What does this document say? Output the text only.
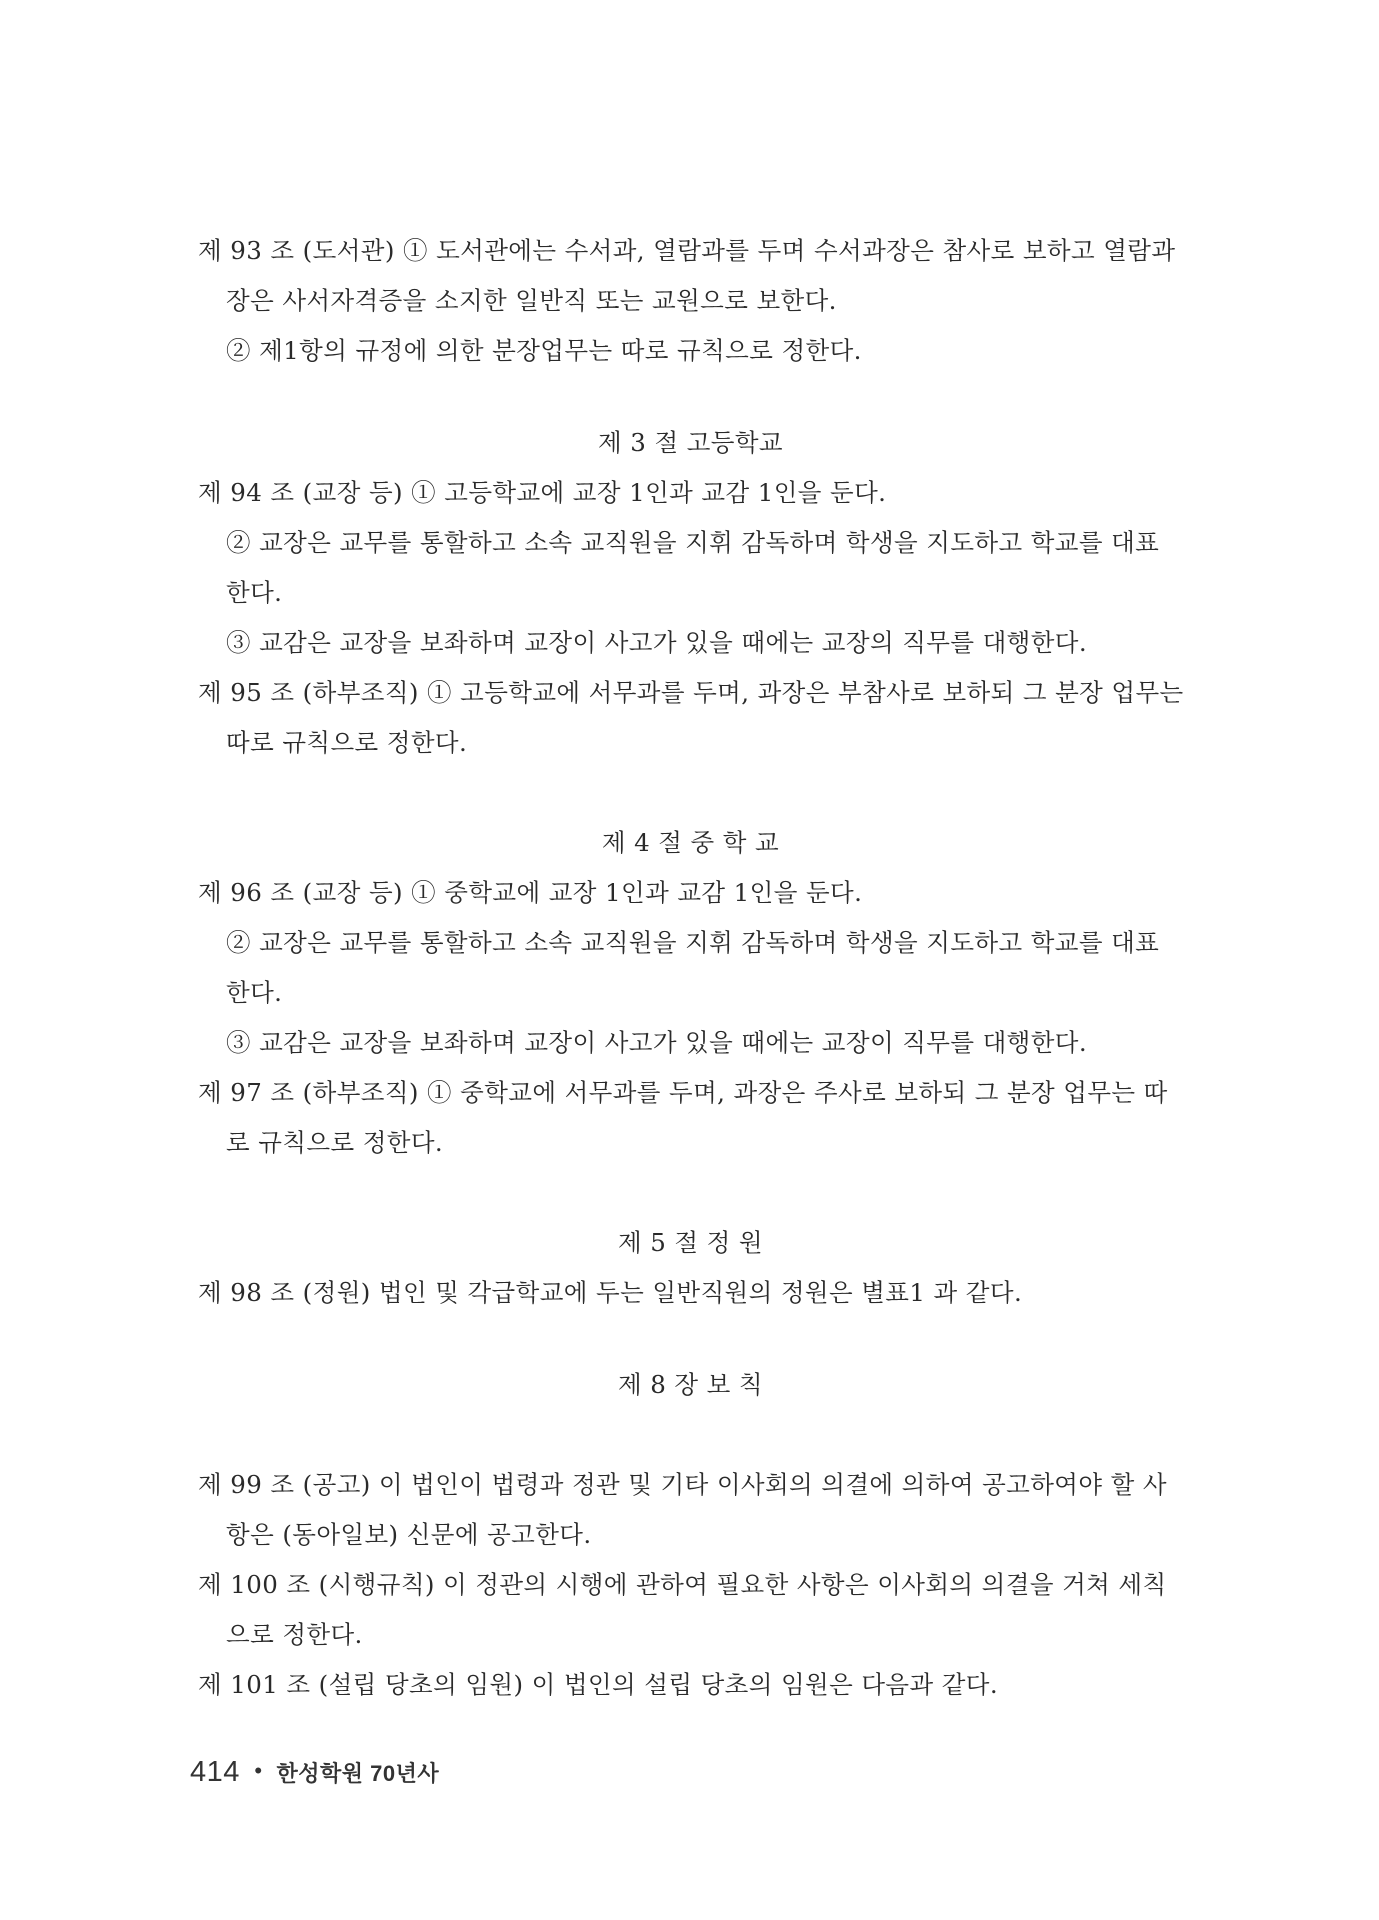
제 93 조 (도서관) ① 도서관에는 수서과, 열람과를 두며 수서과장은 참사로 보하고 열람과
장은 사서자격증을 소지한 일반직 또는 교원으로 보한다.
② 제1항의 규정에 의한 분장업무는 따로 규칙으로 정한다.
제 3 절 고등학교
제 94 조 (교장 등) ① 고등학교에 교장 1인과 교감 1인을 둔다.
② 교장은 교무를 통할하고 소속 교직원을 지휘 감독하며 학생을 지도하고 학교를 대표
한다.
③ 교감은 교장을 보좌하며 교장이 사고가 있을 때에는 교장의 직무를 대행한다.
제 95 조 (하부조직) ① 고등학교에 서무과를 두며, 과장은 부참사로 보하되 그 분장 업무는
따로 규칙으로 정한다.
제 4 절 중 학 교
제 96 조 (교장 등) ① 중학교에 교장 1인과 교감 1인을 둔다.
② 교장은 교무를 통할하고 소속 교직원을 지휘 감독하며 학생을 지도하고 학교를 대표
한다.
③ 교감은 교장을 보좌하며 교장이 사고가 있을 때에는 교장이 직무를 대행한다.
제 97 조 (하부조직) ① 중학교에 서무과를 두며, 과장은 주사로 보하되 그 분장 업무는 따
로 규칙으로 정한다.
제 5 절 정 원
제 98 조 (정원) 법인 및 각급학교에 두는 일반직원의 정원은 별표1 과 같다.
제 8 장 보 칙
제 99 조 (공고) 이 법인이 법령과 정관 및 기타 이사회의 의결에 의하여 공고하여야 할 사
항은 (동아일보) 신문에 공고한다.
제 100 조 (시행규칙) 이 정관의 시행에 관하여 필요한 사항은 이사회의 의결을 거쳐 세칙
으로 정한다.
제 101 조 (설립 당초의 임원) 이 법인의 설립 당초의 임원은 다음과 같다.
414 • 한성학원 70년사
